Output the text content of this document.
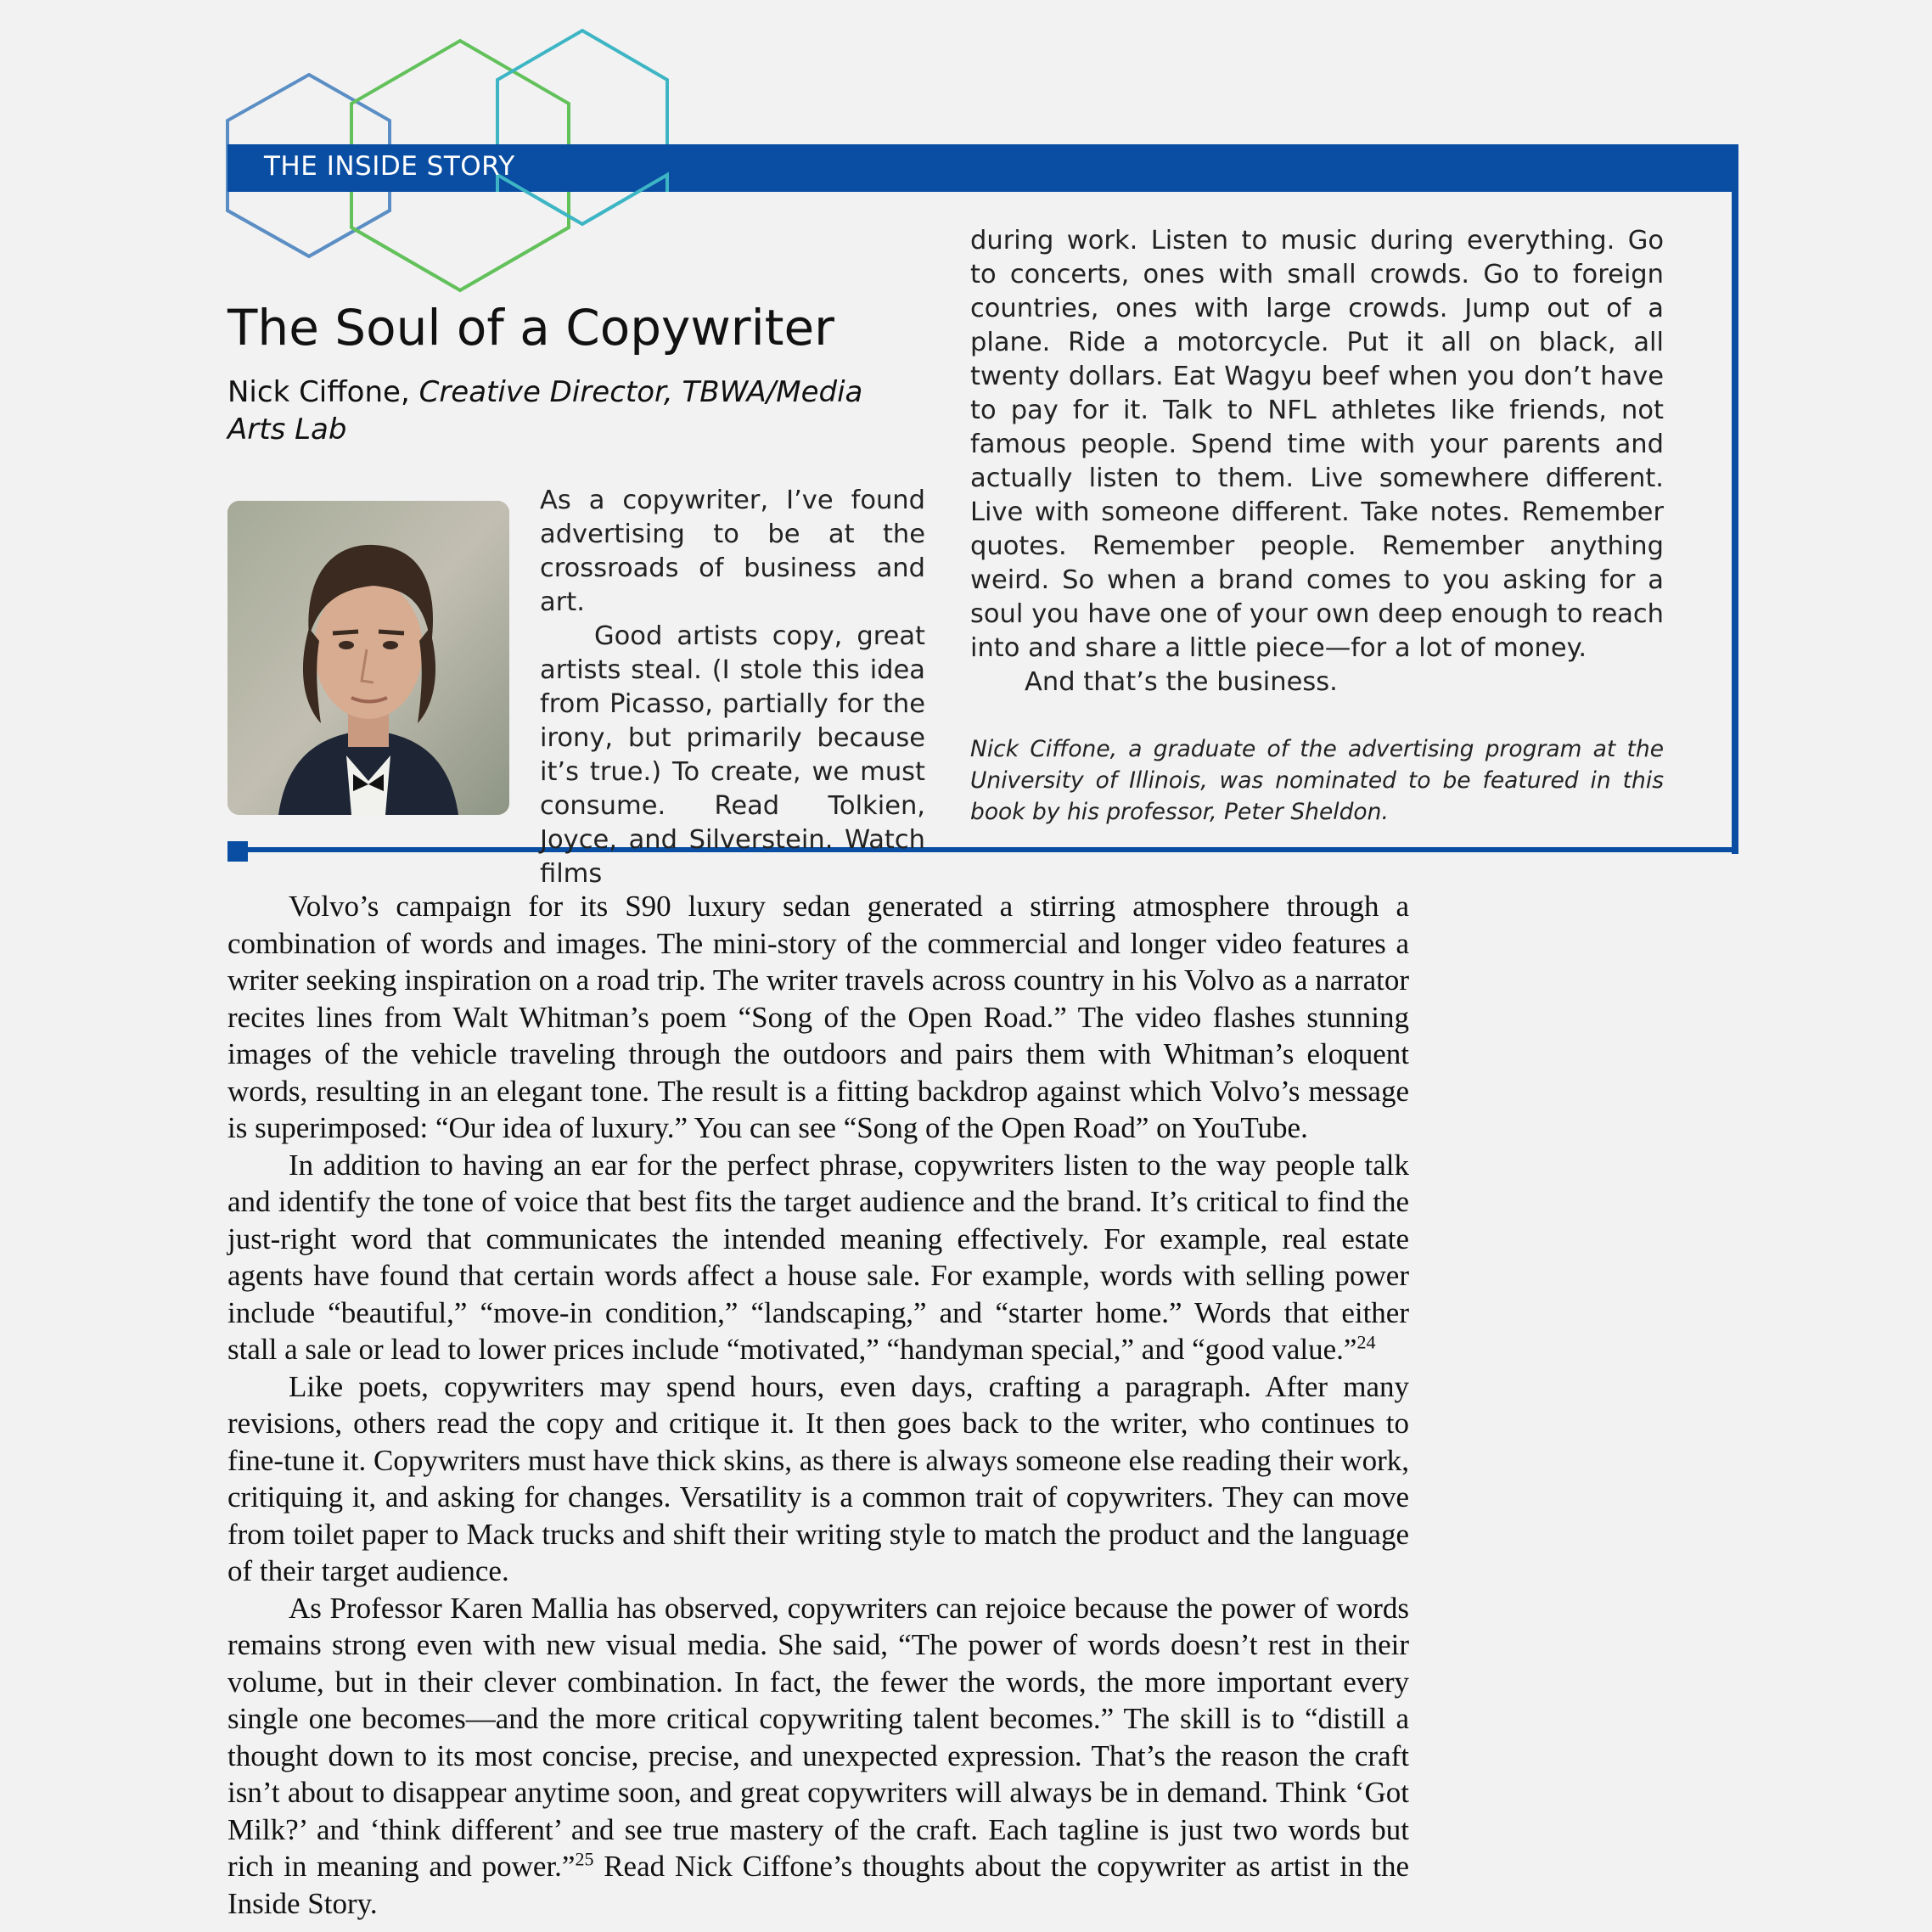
THE INSIDE STORY
The Soul of a Copywriter
Nick Ciffone, Creative Director, TBWA/Media Arts Lab

As a copywriter, I’ve found advertising to be at the crossroads of business and art.

Good artists copy, great artists steal. (I stole this idea from Picasso, partially for the irony, but primarily because it’s true.) To create, we must consume. Read Tolkien, Joyce, and Silverstein. Watch films

during work. Listen to music during everything. Go to concerts, ones with small crowds. Go to foreign countries, ones with large crowds. Jump out of a plane. Ride a motorcycle. Put it all on black, all twenty dollars. Eat Wagyu beef when you don’t have to pay for it. Talk to NFL athletes like friends, not famous people. Spend time with your parents and actually listen to them. Live somewhere different. Live with someone different. Take notes. Remember quotes. Remember people. Remember anything weird. So when a brand comes to you asking for a soul you have one of your own deep enough to reach into and share a little piece—for a lot of money.

And that’s the business.

Nick Ciffone, a graduate of the advertising program at the University of Illinois, was nominated to be featured in this book by his professor, Peter Sheldon.

Volvo’s campaign for its S90 luxury sedan generated a stirring atmosphere through a combination of words and images. The mini-story of the commercial and longer video features a writer seeking inspiration on a road trip. The writer travels across country in his Volvo as a narrator recites lines from Walt Whitman’s poem “Song of the Open Road.” The video flashes stunning images of the vehicle traveling through the outdoors and pairs them with Whitman’s eloquent words, resulting in an elegant tone. The result is a fitting backdrop against which Volvo’s message is superimposed: “Our idea of luxury.” You can see “Song of the Open Road” on YouTube.

In addition to having an ear for the perfect phrase, copywriters listen to the way people talk and identify the tone of voice that best fits the target audience and the brand. It’s critical to find the just-right word that communicates the intended meaning effectively. For example, real estate agents have found that certain words affect a house sale. For example, words with selling power include “beautiful,” “move-in condition,” “landscaping,” and “starter home.” Words that either stall a sale or lead to lower prices include “motivated,” “handyman special,” and “good value.”$^{24}$

Like poets, copywriters may spend hours, even days, crafting a paragraph. After many revisions, others read the copy and critique it. It then goes back to the writer, who continues to fine-tune it. Copywriters must have thick skins, as there is always someone else reading their work, critiquing it, and asking for changes. Versatility is a common trait of copywriters. They can move from toilet paper to Mack trucks and shift their writing style to match the product and the language of their target audience.

As Professor Karen Mallia has observed, copywriters can rejoice because the power of words remains strong even with new visual media. She said, “The power of words doesn’t rest in their volume, but in their clever combination. In fact, the fewer the words, the more important every single one becomes—and the more critical copywriting talent becomes.” The skill is to “distill a thought down to its most concise, precise, and unexpected expression. That’s the reason the craft isn’t about to disappear anytime soon, and great copywriters will always be in demand. Think ‘Got Milk?’ and ‘think different’ and see true mastery of the craft. Each tagline is just two words but rich in meaning and power.”$^{25}$ Read Nick Ciffone’s thoughts about the copywriter as artist in the Inside Story.
